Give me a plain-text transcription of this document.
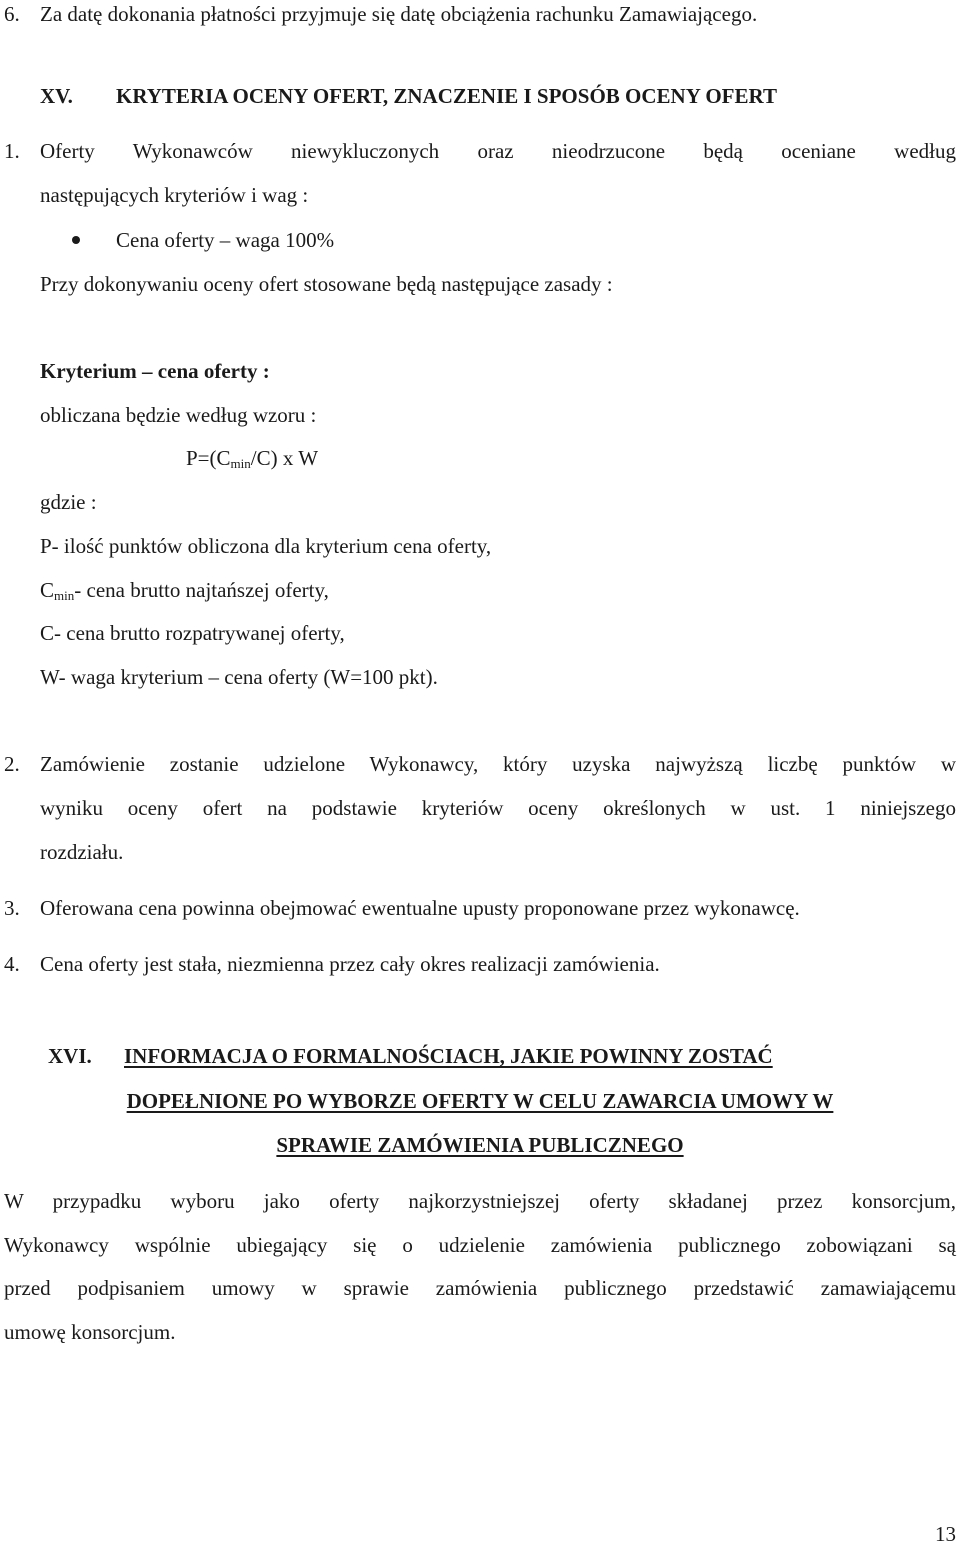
6. Za datę dokonania płatności przyjmuje się datę obciążenia rachunku Zamawiającego.
XV. KRYTERIA OCENY OFERT, ZNACZENIE I SPOSÓB OCENY OFERT
1. Oferty Wykonawców niewykluczonych oraz nieodrzucone będą oceniane według
następujących kryteriów i wag :
Cena oferty – waga 100%
Przy dokonywaniu oceny ofert stosowane będą następujące zasady :
Kryterium – cena oferty :
obliczana będzie według wzoru :
$P=(C_{min}/C)$ x W
gdzie :
P- ilość punktów obliczona dla kryterium cena oferty,
$C_{min}-$ cena brutto najtańszej oferty,
C- cena brutto rozpatrywanej oferty,
W- waga kryterium – cena oferty (W=100 pkt).
2. Zamówienie zostanie udzielone Wykonawcy, który uzyska najwyższą liczbę punktów w
wyniku oceny ofert na podstawie kryteriów oceny określonych w ust. 1 niniejszego
rozdziału.
3. Oferowana cena powinna obejmować ewentualne upusty proponowane przez wykonawcę.
4. Cena oferty jest stała, niezmienna przez cały okres realizacji zamówienia.
XVI. INFORMACJA O FORMALNOŚCIACH, JAKIE POWINNY ZOSTAĆ
DOPEŁNIONE PO WYBORZE OFERTY W CELU ZAWARCIA UMOWY W
SPRAWIE ZAMÓWIENIA PUBLICZNEGO
W przypadku wyboru jako oferty najkorzystniejszej oferty składanej przez konsorcjum,
Wykonawcy wspólnie ubiegający się o udzielenie zamówienia publicznego zobowiązani są
przed podpisaniem umowy w sprawie zamówienia publicznego przedstawić zamawiającemu
umowę konsorcjum.
13
